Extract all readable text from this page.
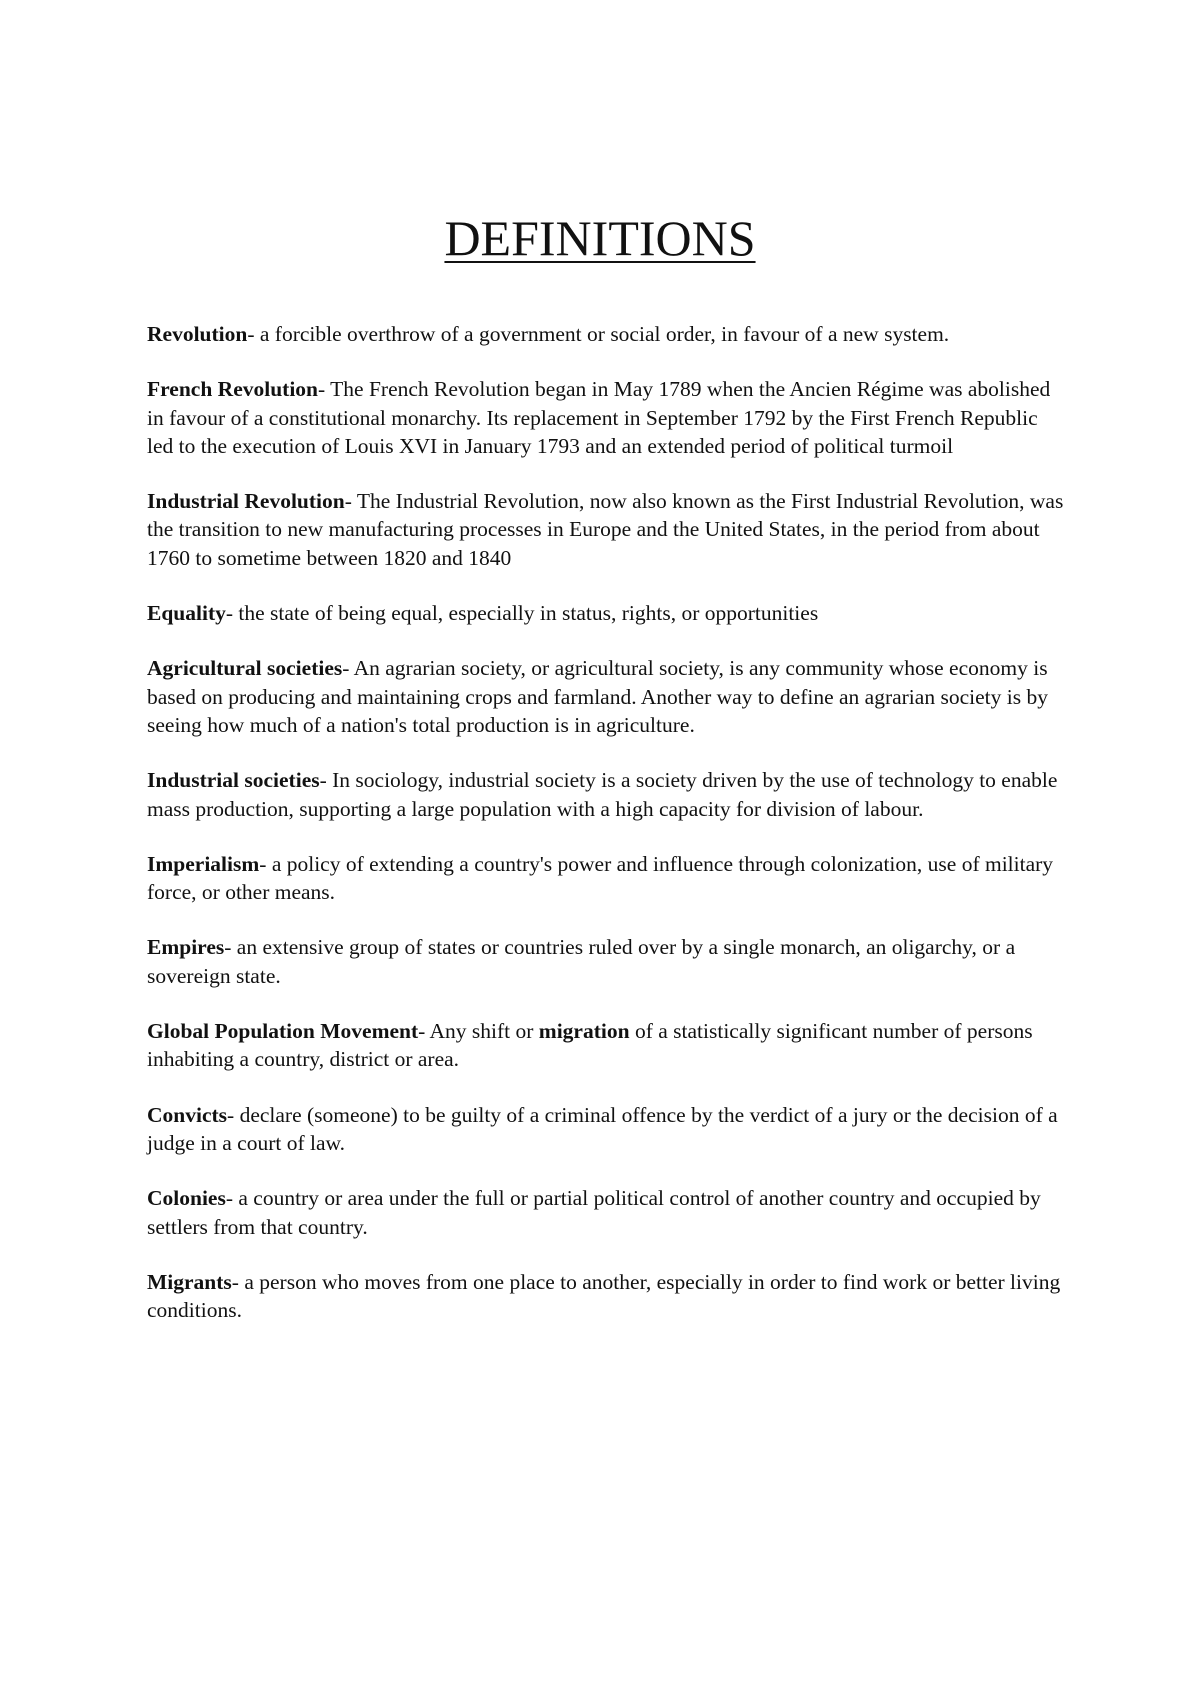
DEFINITIONS

Revolution- a forcible overthrow of a government or social order, in favour of a new system.

French Revolution- The French Revolution began in May 1789 when the Ancien Régime was abolished in favour of a constitutional monarchy. Its replacement in September 1792 by the First French Republic led to the execution of Louis XVI in January 1793 and an extended period of political turmoil

Industrial Revolution- The Industrial Revolution, now also known as the First Industrial Revolution, was the transition to new manufacturing processes in Europe and the United States, in the period from about 1760 to sometime between 1820 and 1840

Equality- the state of being equal, especially in status, rights, or opportunities

Agricultural societies- An agrarian society, or agricultural society, is any community whose economy is based on producing and maintaining crops and farmland. Another way to define an agrarian society is by seeing how much of a nation's total production is in agriculture.

Industrial societies- In sociology, industrial society is a society driven by the use of technology to enable mass production, supporting a large population with a high capacity for division of labour.

Imperialism- a policy of extending a country's power and influence through colonization, use of military force, or other means.

Empires- an extensive group of states or countries ruled over by a single monarch, an oligarchy, or a sovereign state.

Global Population Movement- Any shift or migration of a statistically significant number of persons inhabiting a country, district or area.

Convicts- declare (someone) to be guilty of a criminal offence by the verdict of a jury or the decision of a judge in a court of law.

Colonies- a country or area under the full or partial political control of another country and occupied by settlers from that country.

Migrants- a person who moves from one place to another, especially in order to find work or better living conditions.
